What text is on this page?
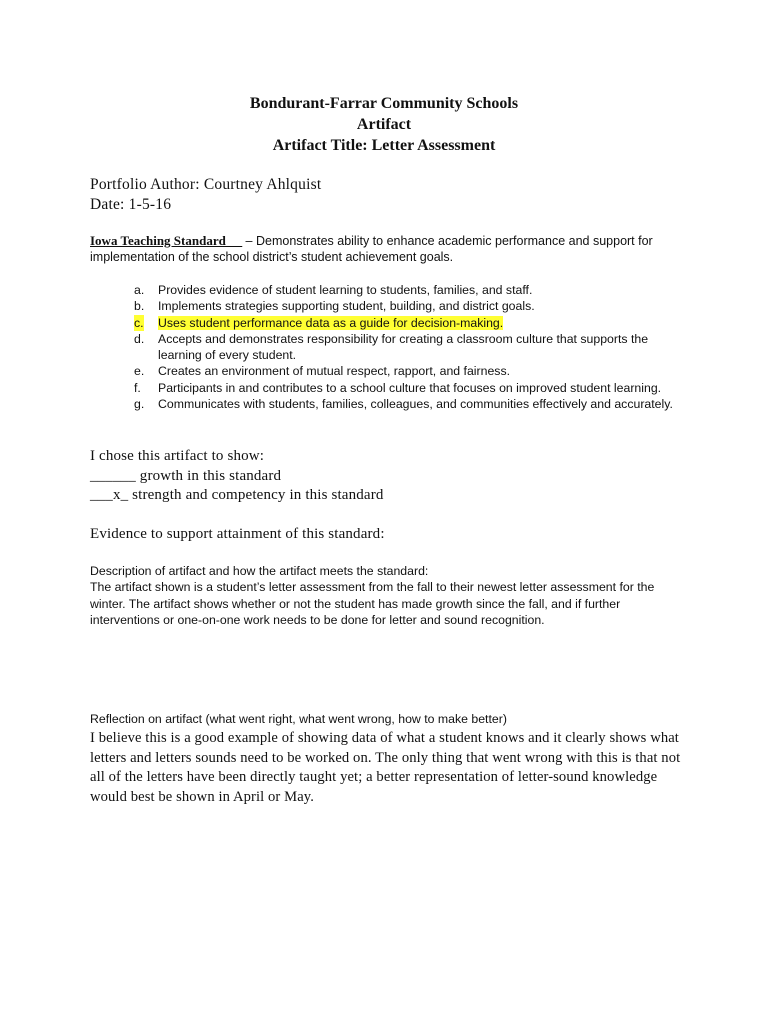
Bondurant-Farrar Community Schools
Artifact
Artifact Title: Letter Assessment
Portfolio Author: Courtney Ahlquist
Date: 1-5-16
Iowa Teaching Standard __ – Demonstrates ability to enhance academic performance and support for implementation of the school district’s student achievement goals.
a. Provides evidence of student learning to students, families, and staff.
b. Implements strategies supporting student, building, and district goals.
c. Uses student performance data as a guide for decision-making.
d. Accepts and demonstrates responsibility for creating a classroom culture that supports the learning of every student.
e. Creates an environment of mutual respect, rapport, and fairness.
f. Participants in and contributes to a school culture that focuses on improved student learning.
g. Communicates with students, families, colleagues, and communities effectively and accurately.
I chose this artifact to show:
______ growth in this standard
___x_ strength and competency in this standard
Evidence to support attainment of this standard:
Description of artifact and how the artifact meets the standard:
The artifact shown is a student’s letter assessment from the fall to their newest letter assessment for the winter. The artifact shows whether or not the student has made growth since the fall, and if further interventions or one-on-one work needs to be done for letter and sound recognition.
Reflection on artifact (what went right, what went wrong, how to make better)
I believe this is a good example of showing data of what a student knows and it clearly shows what letters and letters sounds need to be worked on. The only thing that went wrong with this is that not all of the letters have been directly taught yet; a better representation of letter-sound knowledge would best be shown in April or May.
